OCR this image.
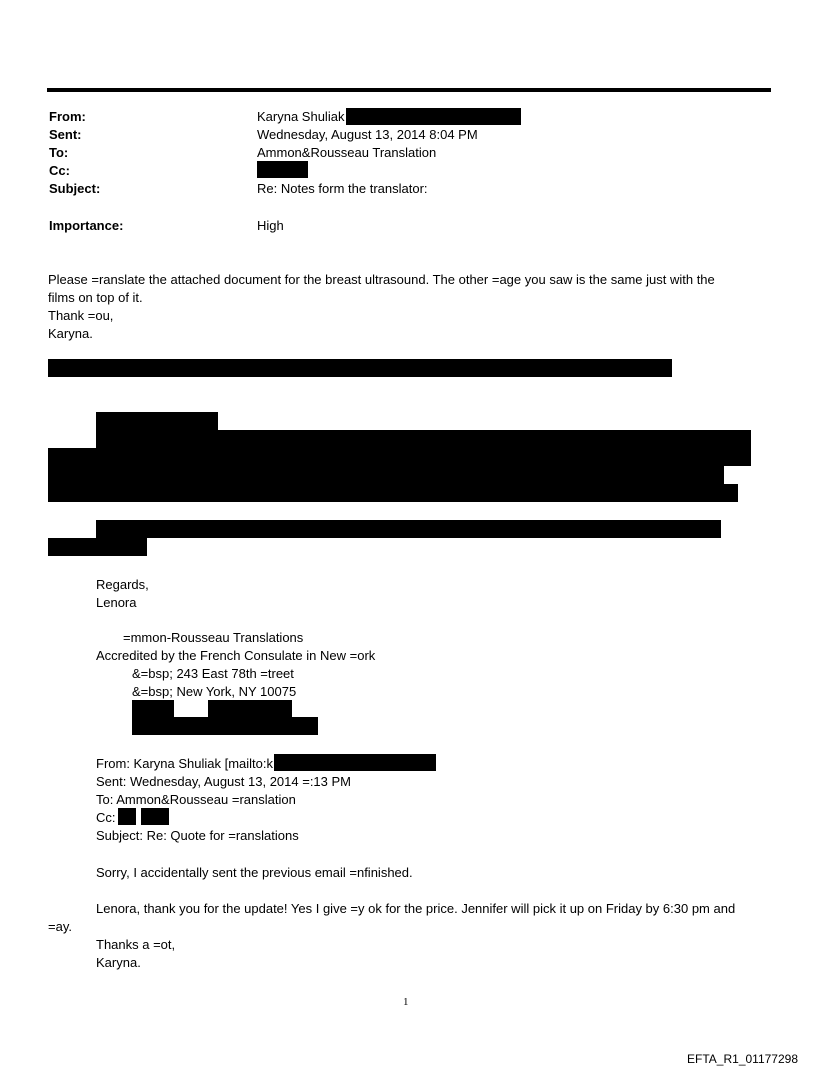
From:	Karyna Shuliak
Sent:	Wednesday, August 13, 2014 8:04 PM
To:	Ammon&Rousseau Translation
Cc:
Subject:	Re: Notes form the translator:
Importance:	High
Please =ranslate the attached document for the breast ultrasound. The other =age you saw is the same just with the
films on top of it.
Thank =ou,
Karyna.
Regards,
Lenora
=mmon-Rousseau Translations
Accredited by the French Consulate in New =ork
&=bsp; 243 East 78th =treet
&=bsp; New York, NY 10075
From: Karyna Shuliak [mailto:k
Sent: Wednesday, August 13, 2014 =:13 PM
To: Ammon&Rousseau =ranslation
Cc:
Subject: Re: Quote for =ranslations
Sorry, I accidentally sent the previous email =nfinished.
Lenora, thank you for the update! Yes I give =y ok for the price. Jennifer will pick it up on Friday by 6:30 pm and
=ay.
Thanks a =ot,
Karyna.
1
EFTA_R1_01177298
